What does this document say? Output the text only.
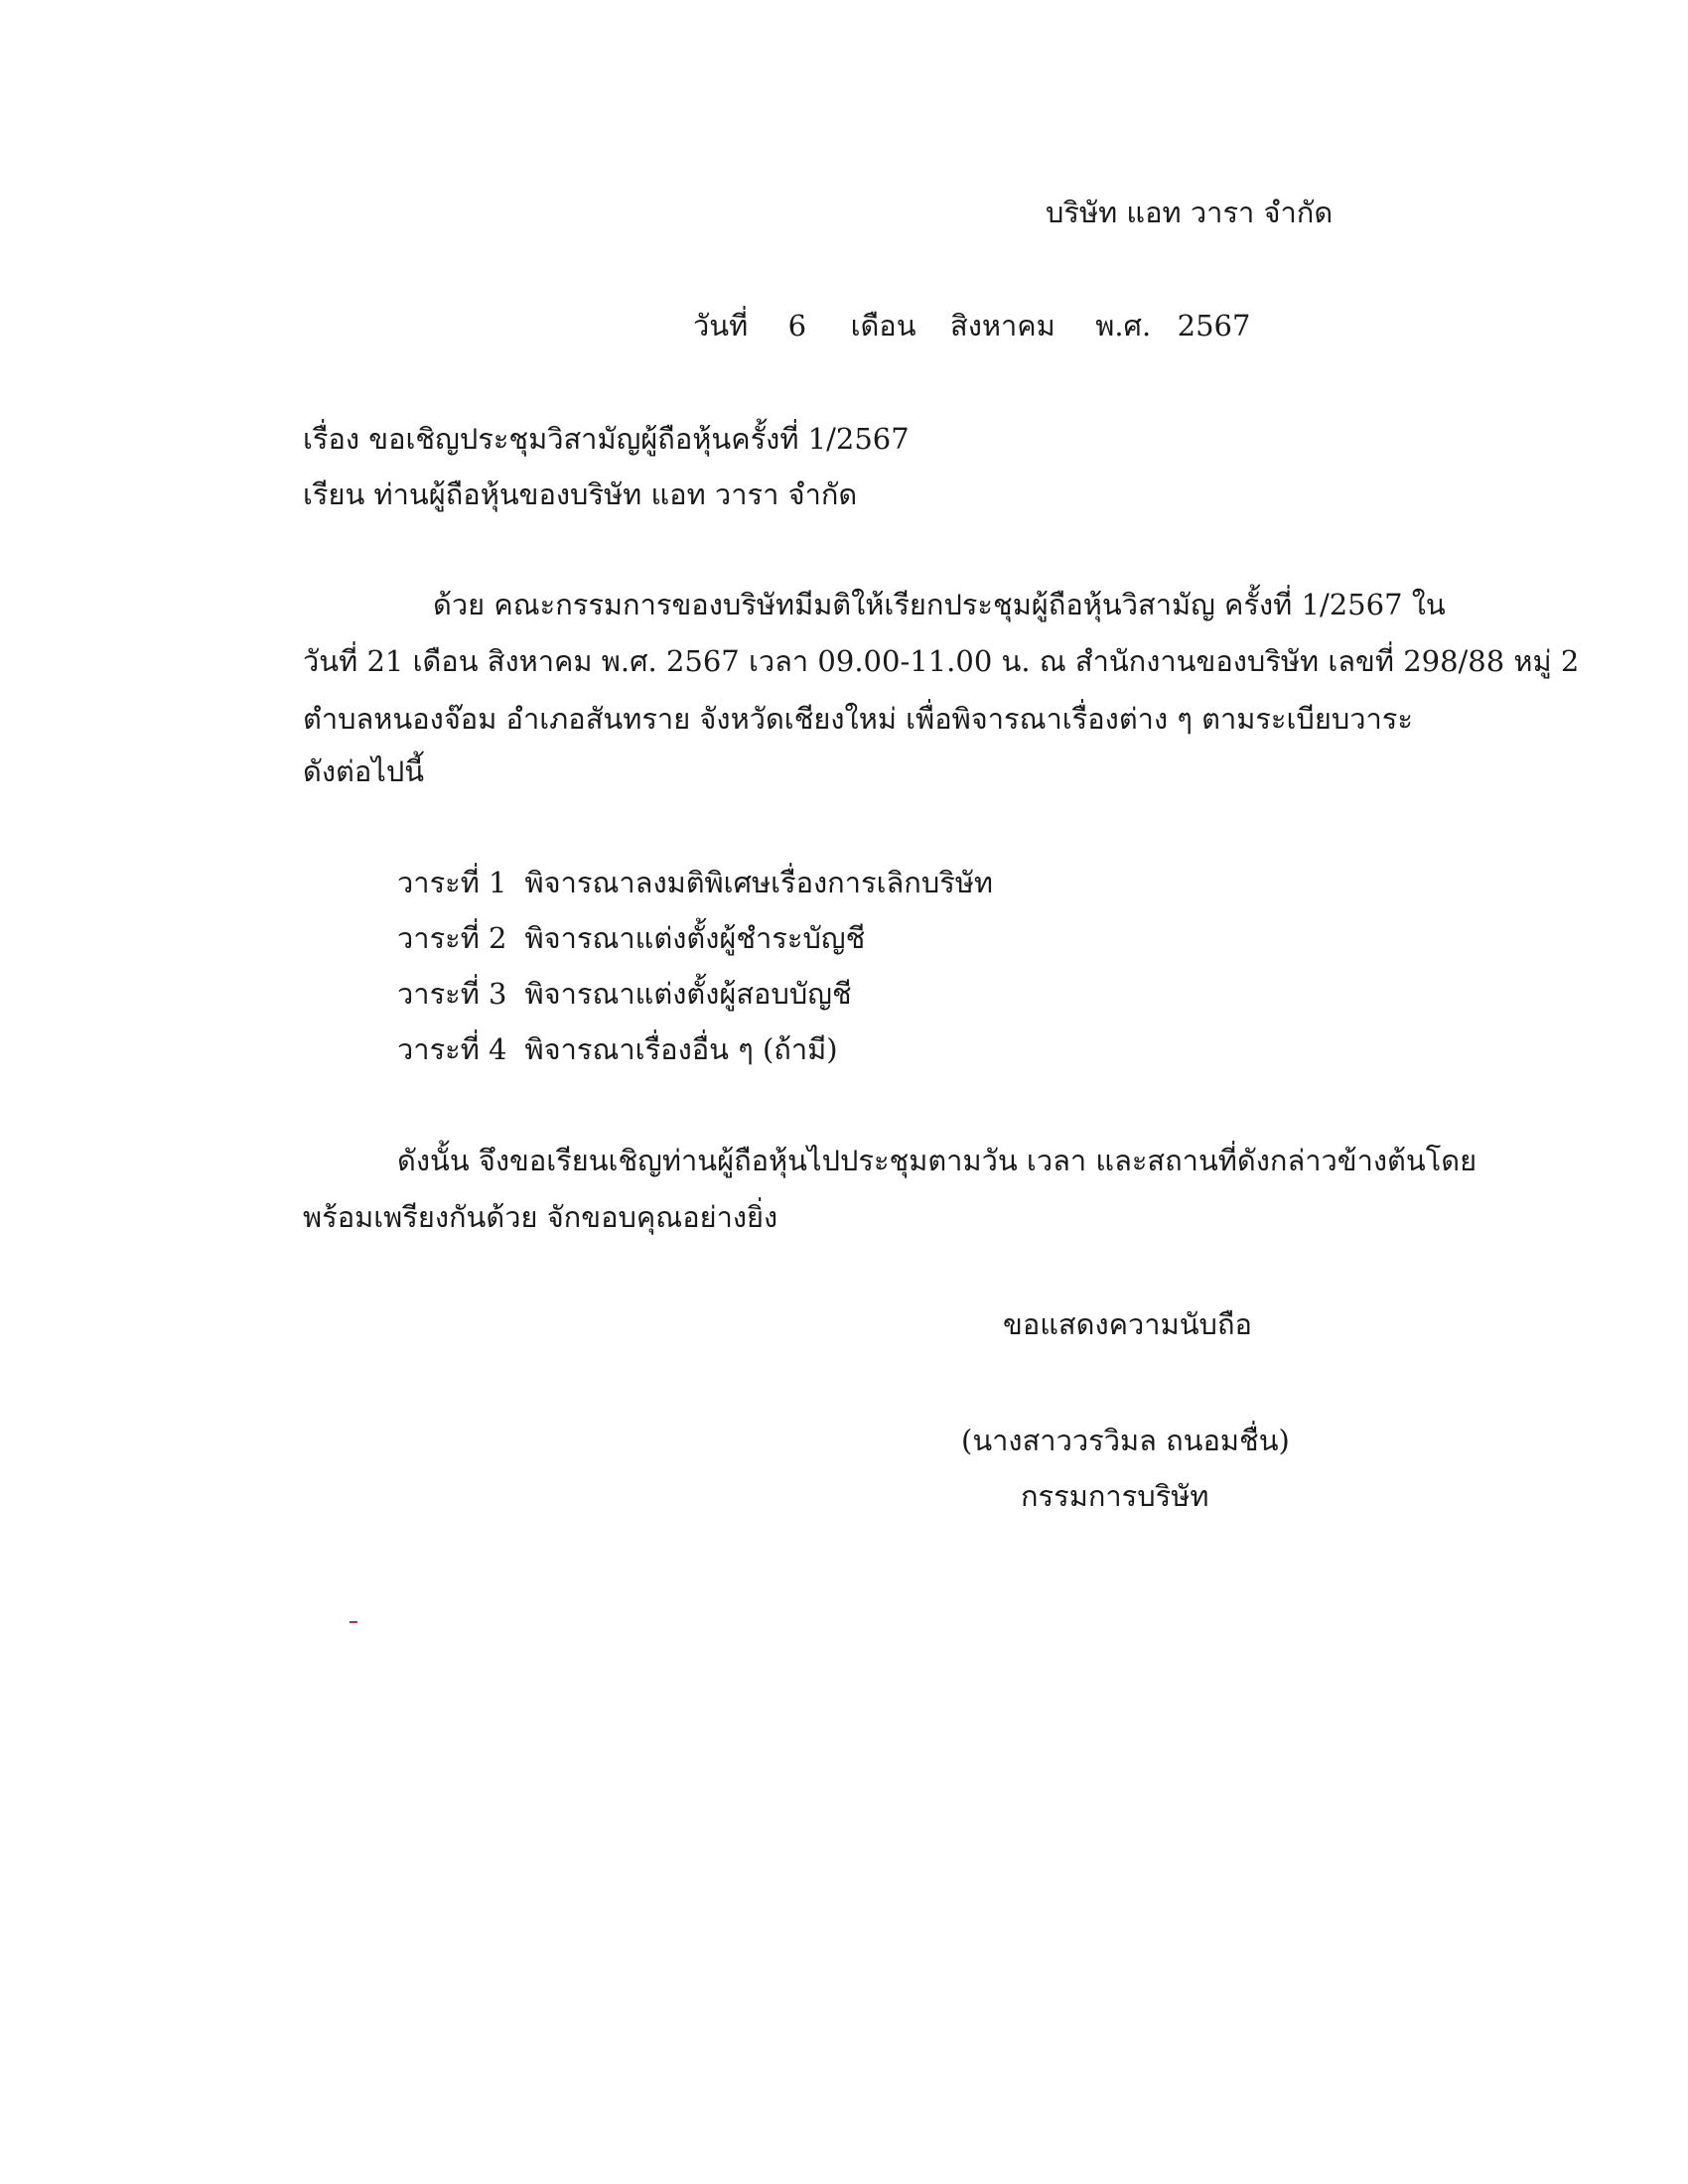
บริษัท แอท วารา จำกัด
วันที่ 6 เดือน สิงหาคม พ.ศ. 2567
เรื่อง ขอเชิญประชุมวิสามัญผู้ถือหุ้นครั้งที่ 1/2567
เรียน ท่านผู้ถือหุ้นของบริษัท แอท วารา จำกัด
ด้วย คณะกรรมการของบริษัทมีมติให้เรียกประชุมผู้ถือหุ้นวิสามัญ ครั้งที่ 1/2567 ใน
วันที่ 21 เดือน สิงหาคม พ.ศ. 2567 เวลา 09.00-11.00 น. ณ สำนักงานของบริษัท เลขที่ 298/88 หมู่ 2
ตำบลหนองจ๊อม อำเภอสันทราย จังหวัดเชียงใหม่ เพื่อพิจารณาเรื่องต่าง ๆ ตามระเบียบวาระ
ดังต่อไปนี้
วาระที่ 1 พิจารณาลงมติพิเศษเรื่องการเลิกบริษัท
วาระที่ 2 พิจารณาแต่งตั้งผู้ชำระบัญชี
วาระที่ 3 พิจารณาแต่งตั้งผู้สอบบัญชี
วาระที่ 4 พิจารณาเรื่องอื่น ๆ (ถ้ามี)
ดังนั้น จึงขอเรียนเชิญท่านผู้ถือหุ้นไปประชุมตามวัน เวลา และสถานที่ดังกล่าวข้างต้นโดย
พร้อมเพรียงกันด้วย จักขอบคุณอย่างยิ่ง
ขอแสดงความนับถือ
(นางสาววรวิมล ถนอมชื่น)
กรรมการบริษัท
